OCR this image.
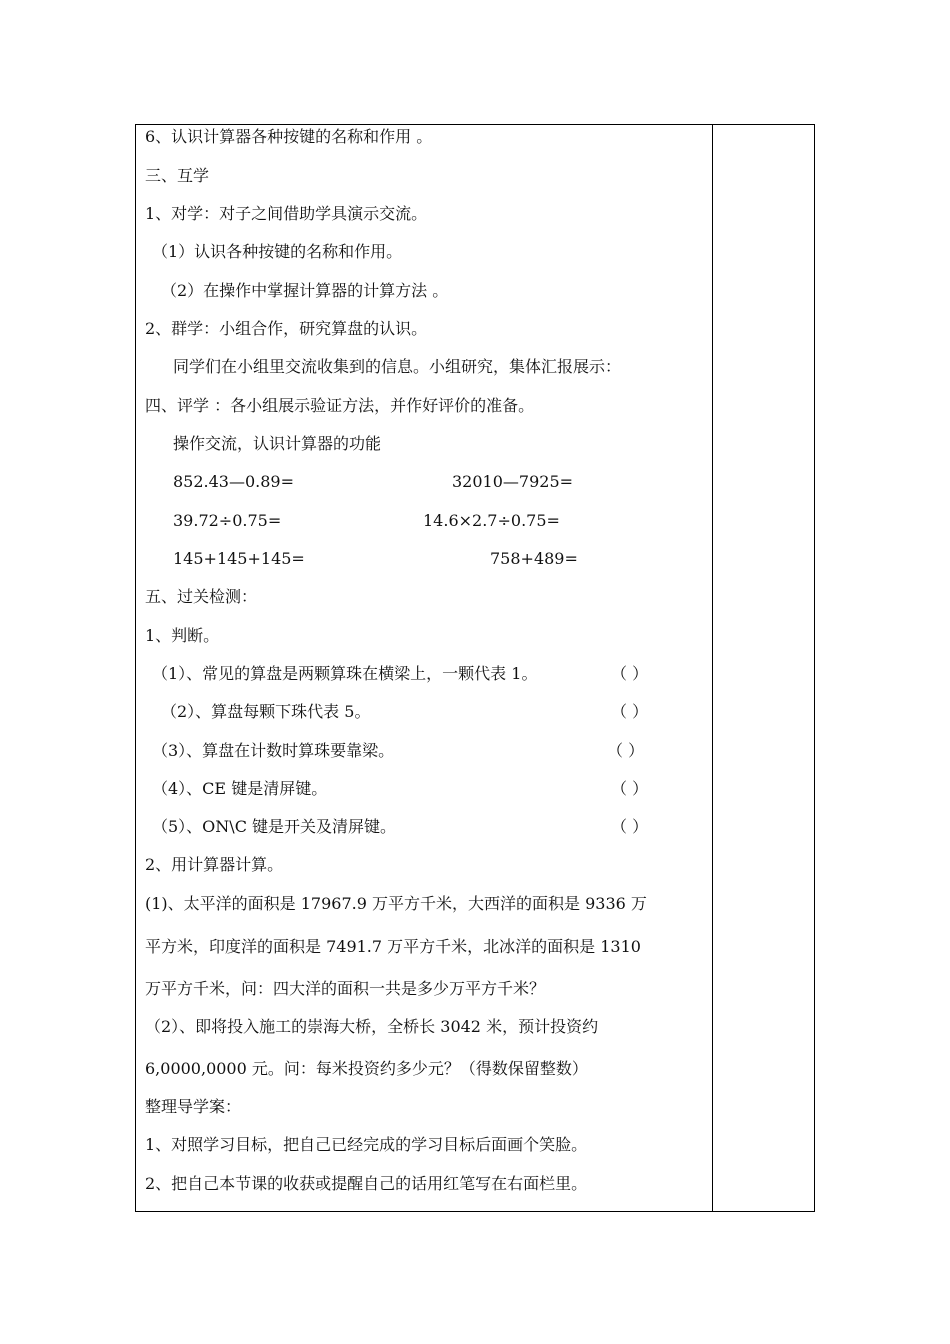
6、认识计算器各种按键的名称和作用 。
三、互学
1、对学：对子之间借助学具演示交流。
（1）认识各种按键的名称和作用。
（2）在操作中掌握计算器的计算方法 。
2、群学：小组合作，研究算盘的认识。
同学们在小组里交流收集到的信息。小组研究，集体汇报展示：
四、评学 ：各小组展示验证方法，并作好评价的准备。
操作交流，认识计算器的功能
852.43—0.89=	32010—7925=
39.72÷0.75=	14.6×2.7÷0.75=
145+145+145=	758+489=
五、过关检测：
1、判断。
（1）、常见的算盘是两颗算珠在横梁上，一颗代表 1。	（ ）
（2）、算盘每颗下珠代表 5。	（ ）
（3）、算盘在计数时算珠要靠梁。	（ ）
（4）、CE 键是清屏键。	（ ）
（5）、ON\C 键是开关及清屏键。	（ ）
2、用计算器计算。
(1)、太平洋的面积是 17967.9 万平方千米，大西洋的面积是 9336 万
平方米，印度洋的面积是 7491.7 万平方千米，北冰洋的面积是 1310
万平方千米，问：四大洋的面积一共是多少万平方千米？
（2）、即将投入施工的崇海大桥，全桥长 3042 米，预计投资约
6,0000,0000 元。问：每米投资约多少元？（得数保留整数）
整理导学案：
1、对照学习目标，把自己已经完成的学习目标后面画个笑脸。
2、把自己本节课的收获或提醒自己的话用红笔写在右面栏里。
